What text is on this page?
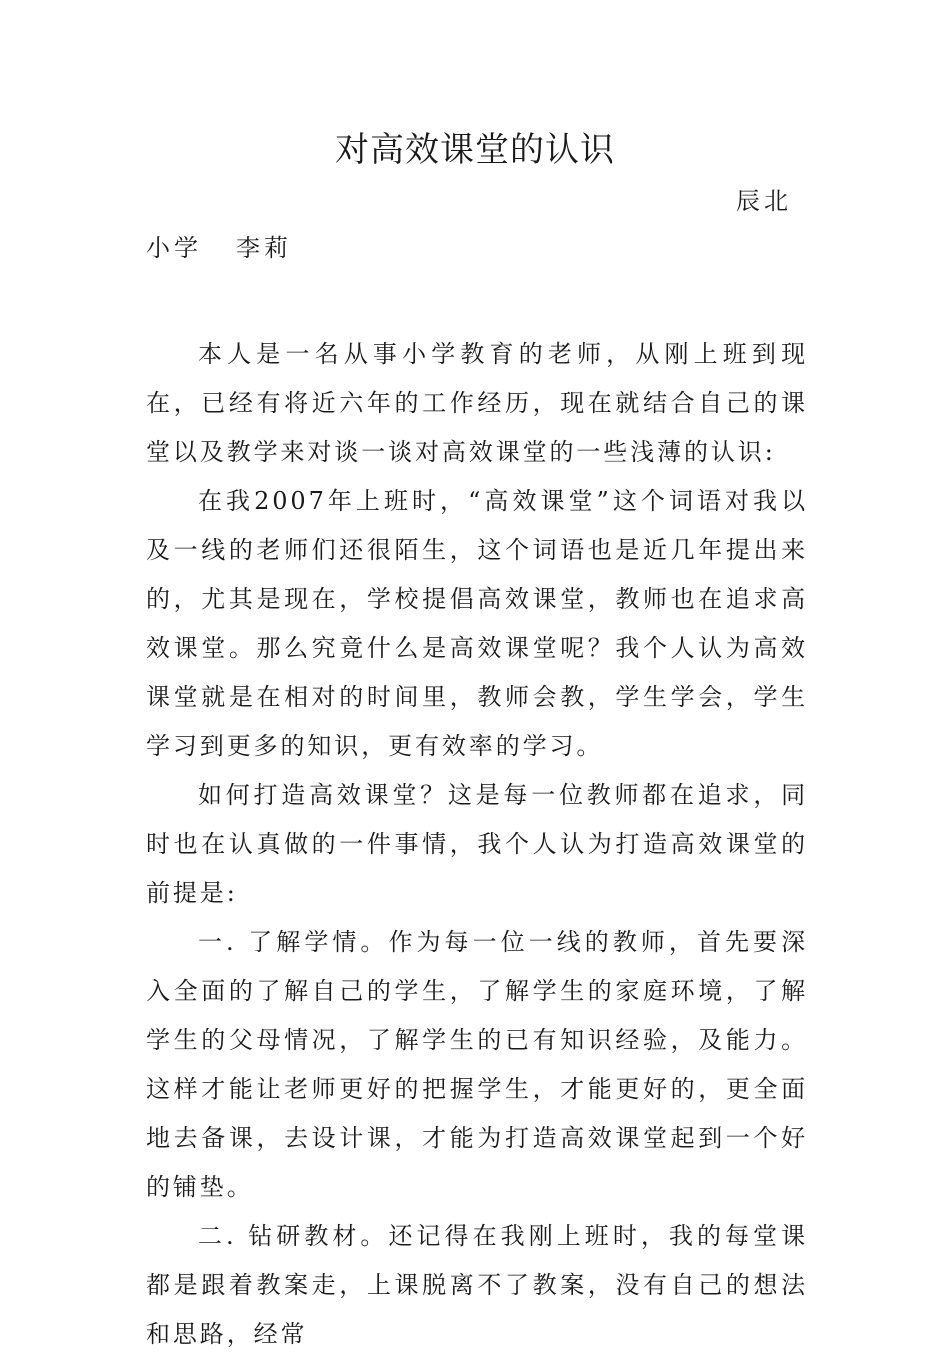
对高效课堂的认识
辰北
小学 李莉

本人是一名从事小学教育的老师，从刚上班到现在，已经有将近六年的工作经历，现在就结合自己的课堂以及教学来对谈一谈对高效课堂的一些浅薄的认识:

在我2007年上班时，“高效课堂”这个词语对我以及一线的老师们还很陌生，这个词语也是近几年提出来的，尤其是现在，学校提倡高效课堂，教师也在追求高效课堂。那么究竟什么是高效课堂呢？我个人认为高效课堂就是在相对的时间里，教师会教，学生学会，学生学习到更多的知识，更有效率的学习。

如何打造高效课堂？这是每一位教师都在追求，同时也在认真做的一件事情，我个人认为打造高效课堂的前提是:

一. 了解学情。作为每一位一线的教师，首先要深入全面的了解自己的学生，了解学生的家庭环境，了解学生的父母情况，了解学生的已有知识经验，及能力。这样才能让老师更好的把握学生，才能更好的，更全面地去备课，去设计课，才能为打造高效课堂起到一个好的铺垫。

二. 钻研教材。还记得在我刚上班时，我的每堂课都是跟着教案走，上课脱离不了教案，没有自己的想法和思路，经常
